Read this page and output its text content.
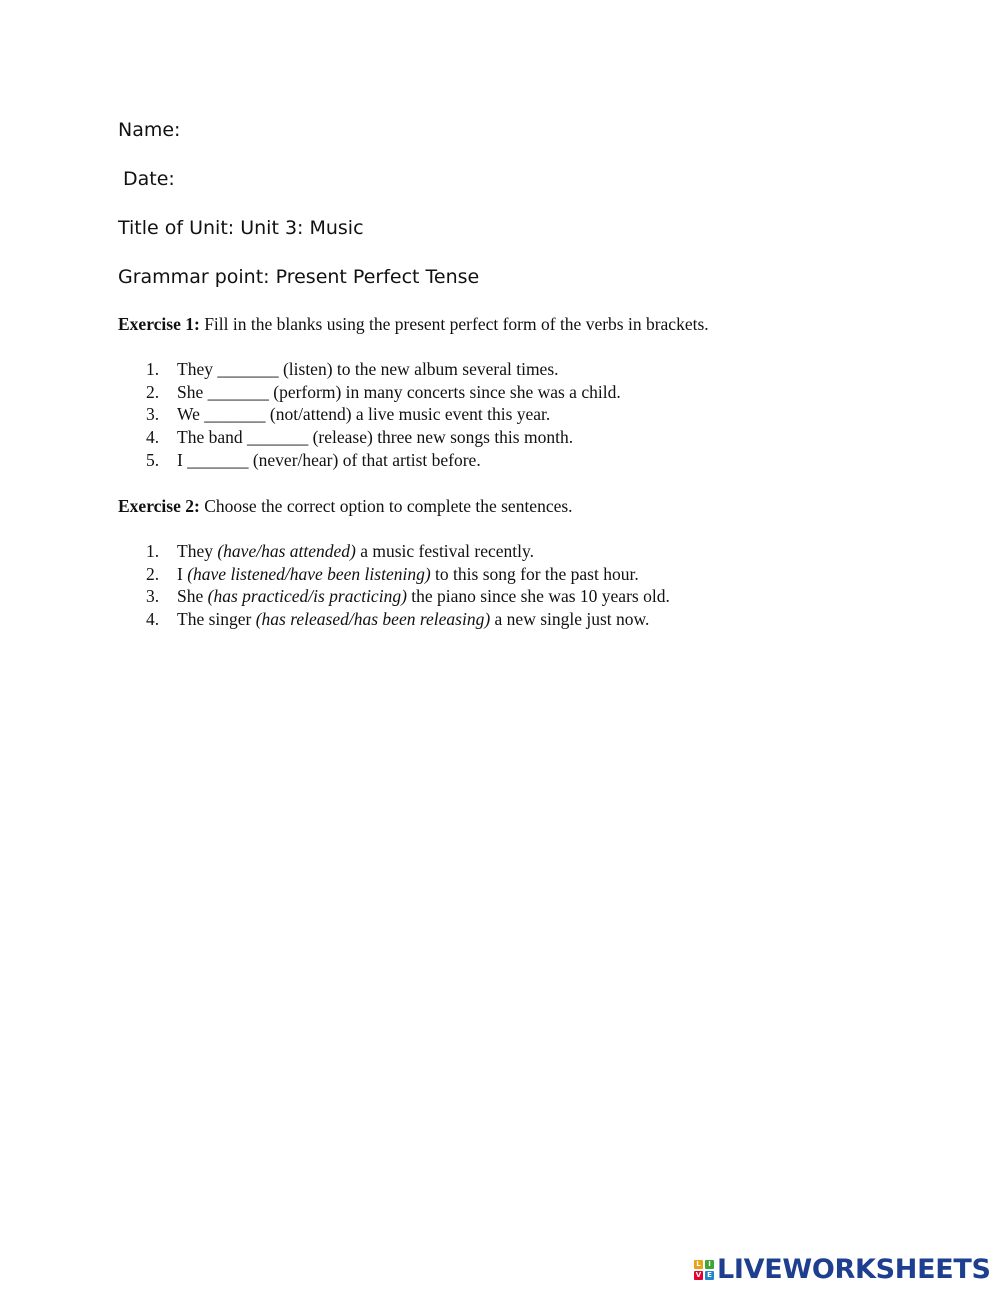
Name:
Date:
Title of Unit: Unit 3: Music
Grammar point: Present Perfect Tense
Exercise 1: Fill in the blanks using the present perfect form of the verbs in brackets.
1. They _______ (listen) to the new album several times.
2. She _______ (perform) in many concerts since she was a child.
3. We _______ (not/attend) a live music event this year.
4. The band _______ (release) three new songs this month.
5. I _______ (never/hear) of that artist before.
Exercise 2: Choose the correct option to complete the sentences.
1. They (have/has attended) a music festival recently.
2. I (have listened/have been listening) to this song for the past hour.
3. She (has practiced/is practicing) the piano since she was 10 years old.
4. The singer (has released/has been releasing) a new single just now.
L	I
V E LIVEWORKSHEETS
